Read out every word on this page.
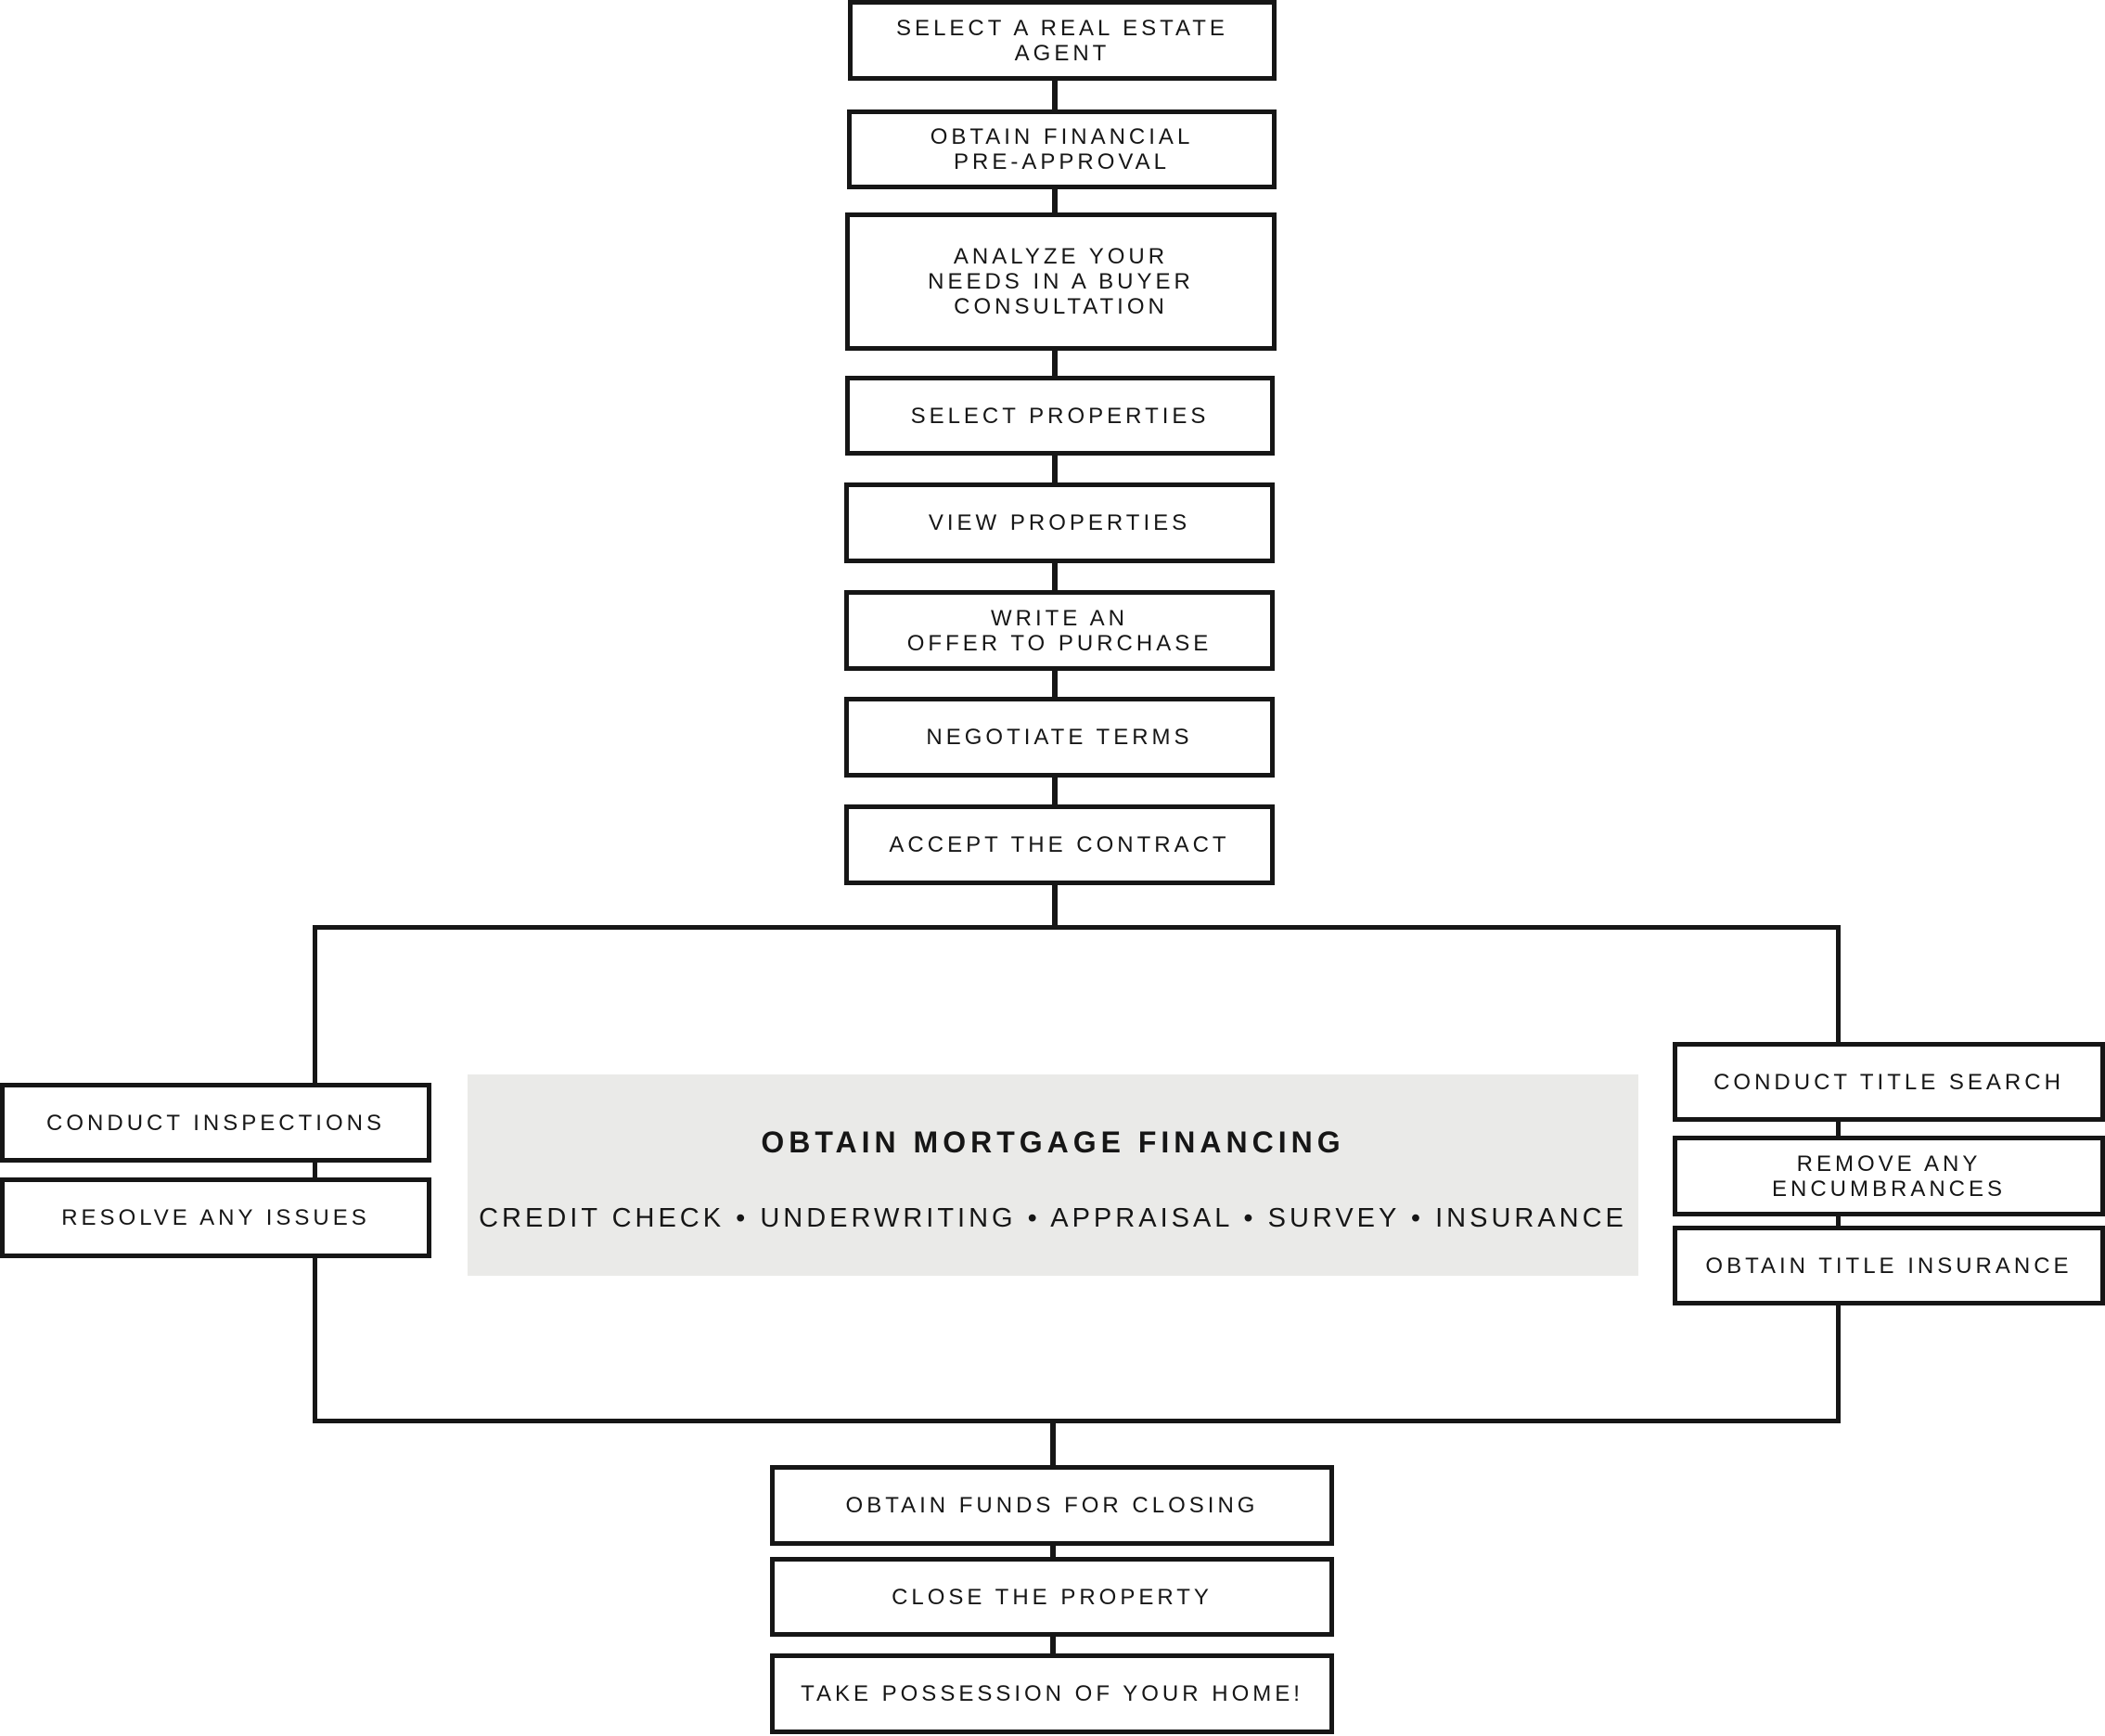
SELECT A REAL ESTATE
AGENT
OBTAIN FINANCIAL
PRE-APPROVAL
ANALYZE YOUR
NEEDS IN A BUYER
CONSULTATION
SELECT PROPERTIES
VIEW PROPERTIES
WRITE AN
OFFER TO PURCHASE
NEGOTIATE TERMS
ACCEPT THE CONTRACT
OBTAIN MORTGAGE FINANCING
CREDIT CHECK • UNDERWRITING • APPRAISAL • SURVEY • INSURANCE
CONDUCT INSPECTIONS
RESOLVE ANY ISSUES
CONDUCT TITLE SEARCH
REMOVE ANY
ENCUMBRANCES
OBTAIN TITLE INSURANCE
OBTAIN FUNDS FOR CLOSING
CLOSE THE PROPERTY
TAKE POSSESSION OF YOUR HOME!
